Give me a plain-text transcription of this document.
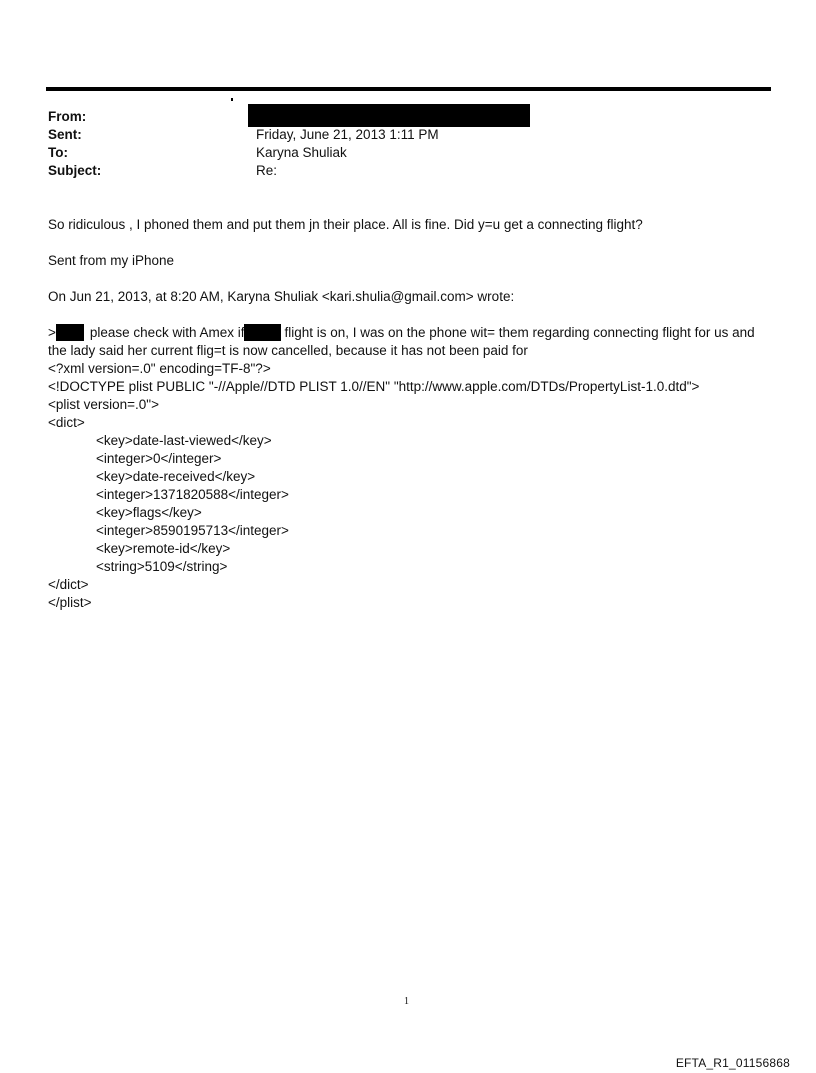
From:
Sent:	Friday, June 21, 2013 1:11 PM
To:	Karyna Shuliak
Subject:	Re:
So ridiculous , I phoned them and put them jn their place. All is fine. Did y=u get a connecting flight?
Sent from my iPhone
On Jun 21, 2013, at 8:20 AM, Karyna Shuliak <kari.shulia@gmail.com> wrote:
>	please check with Amex if	flight is on, I was on the phone wit= them regarding connecting flight for us and
the lady said her current flig=t is now cancelled, because it has not been paid for
<?xml version=.0" encoding=TF-8"?>
<!DOCTYPE plist PUBLIC "-//Apple//DTD PLIST 1.0//EN" "http://www.apple.com/DTDs/PropertyList-1.0.dtd">
<plist version=.0">
<dict>
<key>date-last-viewed</key>
<integer>0</integer>
<key>date-received</key>
<integer>1371820588</integer>
<key>flags</key>
<integer>8590195713</integer>
<key>remote-id</key>
<string>5109</string>
</dict>
</plist>
1
EFTA_R1_01156868
